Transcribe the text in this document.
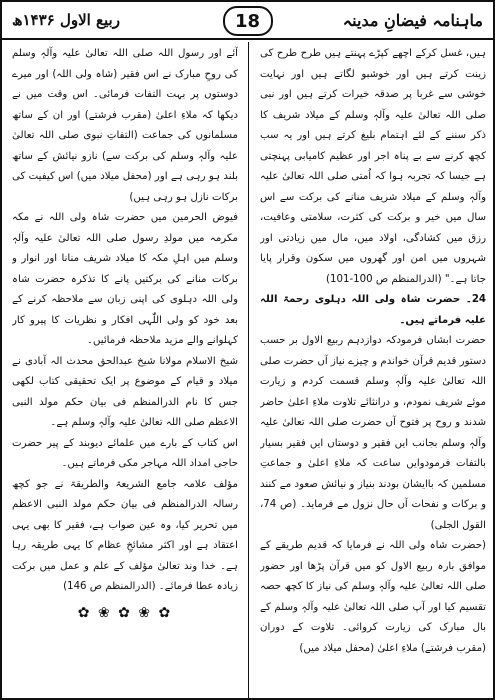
ماہنامہ فیضانِ مدینہ
ربیع الاول ۱۴۳۶ھ	18

ہیں، غسل کرکے اچھے کپڑے پہنتے ہیں طرح طرح کی زینت کرتے ہیں اور خوشبو لگاتے ہیں اور نہایت خوشی سے غربا پر صدقہ خیرات کرتے ہیں اور نبی صلی اللہ تعالیٰ علیہ وآلہٖ وسلم کے میلاد شریف کا ذکر سننے کے لئے اہتمام بلیغ کرتے ہیں اور یہ سب کچھ کرنے سے بے پناہ اجر اور عظیم کامیابی پہنچتی ہے جیسا کہ تجربہ ہوا کہ اُمتی صلی اللہ تعالیٰ علیہ وآلہٖ وسلم کے میلاد شریف منانے کی برکت سے اس سال میں خیر و برکت کی کثرت، سلامتی وعافیت، رزق میں کشادگی، اولاد میں، مال میں زیادتی اور شہروں میں امن اور گھروں میں سکون وقرار پایا جاتا ہے۔" (الدرالمنظم ص 100-101)

24۔ حضرت شاہ ولی اللہ دہلوی رحمۃ اللہ علیہ فرماتے ہیں۔

حضرت ابشاں فرمودکہ دوازدہم ربیع الاول بر حسب دستور قدیم قرآن خواندم و چیزے نیاز آں حضرت صلی اللہ تعالیٰ علیہ وآلہٖ وسلم قسمت کردم و زیارت موئے شریف نمودم، و درانثائے تلاوت ملاءِ اعلیٰ حاضر شدند و روح پر فتوح آں حضرت صلی اللہ تعالیٰ علیہ وآلہٖ وسلم بجانب ایں فقیر و دوستاں ایں فقیر بسیار بالتفات فرمودوایں ساعت کہ ملاءِ اعلیٰ و جماعتِ مسلمین کہ باایشان بودند بنیاز و نیائش صعود مے کنند و برکات و نفحات آں حال نزول مے فرماید۔ (ص 74، القول الجلی)

(حضرت شاہ ولی اللہ نے فرمایا کہ قدیم طریقے کے موافق بارہ ربیع الاول کو میں قرآن پڑھا اور حضور صلی اللہ تعالیٰ علیہ وآلہٖ وسلم کی نیاز کا کچھ حصہ تقسیم کیا اور آپ صلی اللہ تعالیٰ علیہ وآلہٖ وسلم کے بال مبارک کی زیارت کروائی۔ تلاوت کے دوران (مقرب فرشتے) ملاءِ اعلیٰ (محفل میلاد میں)

آئے اور رسول اللہ صلی اللہ تعالیٰ علیہ وآلہٖ وسلم کی روحِ مبارک نے اس فقیر (شاہ ولی اللہ) اور میرے دوستوں پر بہت التفات فرمائی۔ اس وقت میں نے دیکھا کہ ملاءِ اعلیٰ (مقرب فرشتے) اور ان کے ساتھ مسلمانوں کی جماعت (التفاتِ نبوی صلی اللہ تعالیٰ علیہ وآلہٖ وسلم کی برکت سے) نازو نیائش کے ساتھ بلند ہو رہی ہے اور (محفل میلاد میں) اس کیفیت کی برکات نازل ہو رہی ہیں)

فیوض الحرمین میں حضرت شاہ ولی اللہ نے مکہ مکرمہ میں مولدِ رسول صلی اللہ تعالیٰ علیہ وآلہٖ وسلم میں اہلِ مکہ کا میلاد شریف منانا اور انوار و برکات منانے کی برکتیں پانے کا تذکرہ حضرت شاہ ولی اللہ دہلوی کی اپنی زبان سے ملاحظہ کرنے کے بعد خود کو ولی اللّٰہی افکار و نظریات کا پیرو کار کہلوانے والے مزید ملاحظہ فرمائیں۔

شیخ الاسلام مولانا شیخ عبدالحق محدث الہ آبادی نے میلاد و قیام کے موضوع پر ایک تحقیقی کتاب لکھی جس کا نام الدرالمنظم فی بیان حکم مولد النبی الاعظم صلی اللہ تعالیٰ علیہ وآلہٖ وسلم ہے۔

اس کتاب کے بارے میں علمائے دیوبند کے پیر حضرت حاجی امداد اللہ مہاجر مکی فرماتے ہیں۔

مؤلف علامہ جامع الشریعۃ والطریقۃ نے جو کچھ رسالہ الدرالمنظم فی بیان حکم مولد النبی الاعظم میں تحریر کیا، وہ عین صواب ہے، فقیر کا بھی یہی اعتقاد ہے اور اکثر مشائخِ عظام کا یہی طریقہ رہا ہے۔ خدا وند تعالیٰ مؤلف کے علم و عمل میں برکت زیادہ عطا فرمائے۔ (الدرالمنظم ص 146)

✿ ❀ ✿ ❀ ✿
